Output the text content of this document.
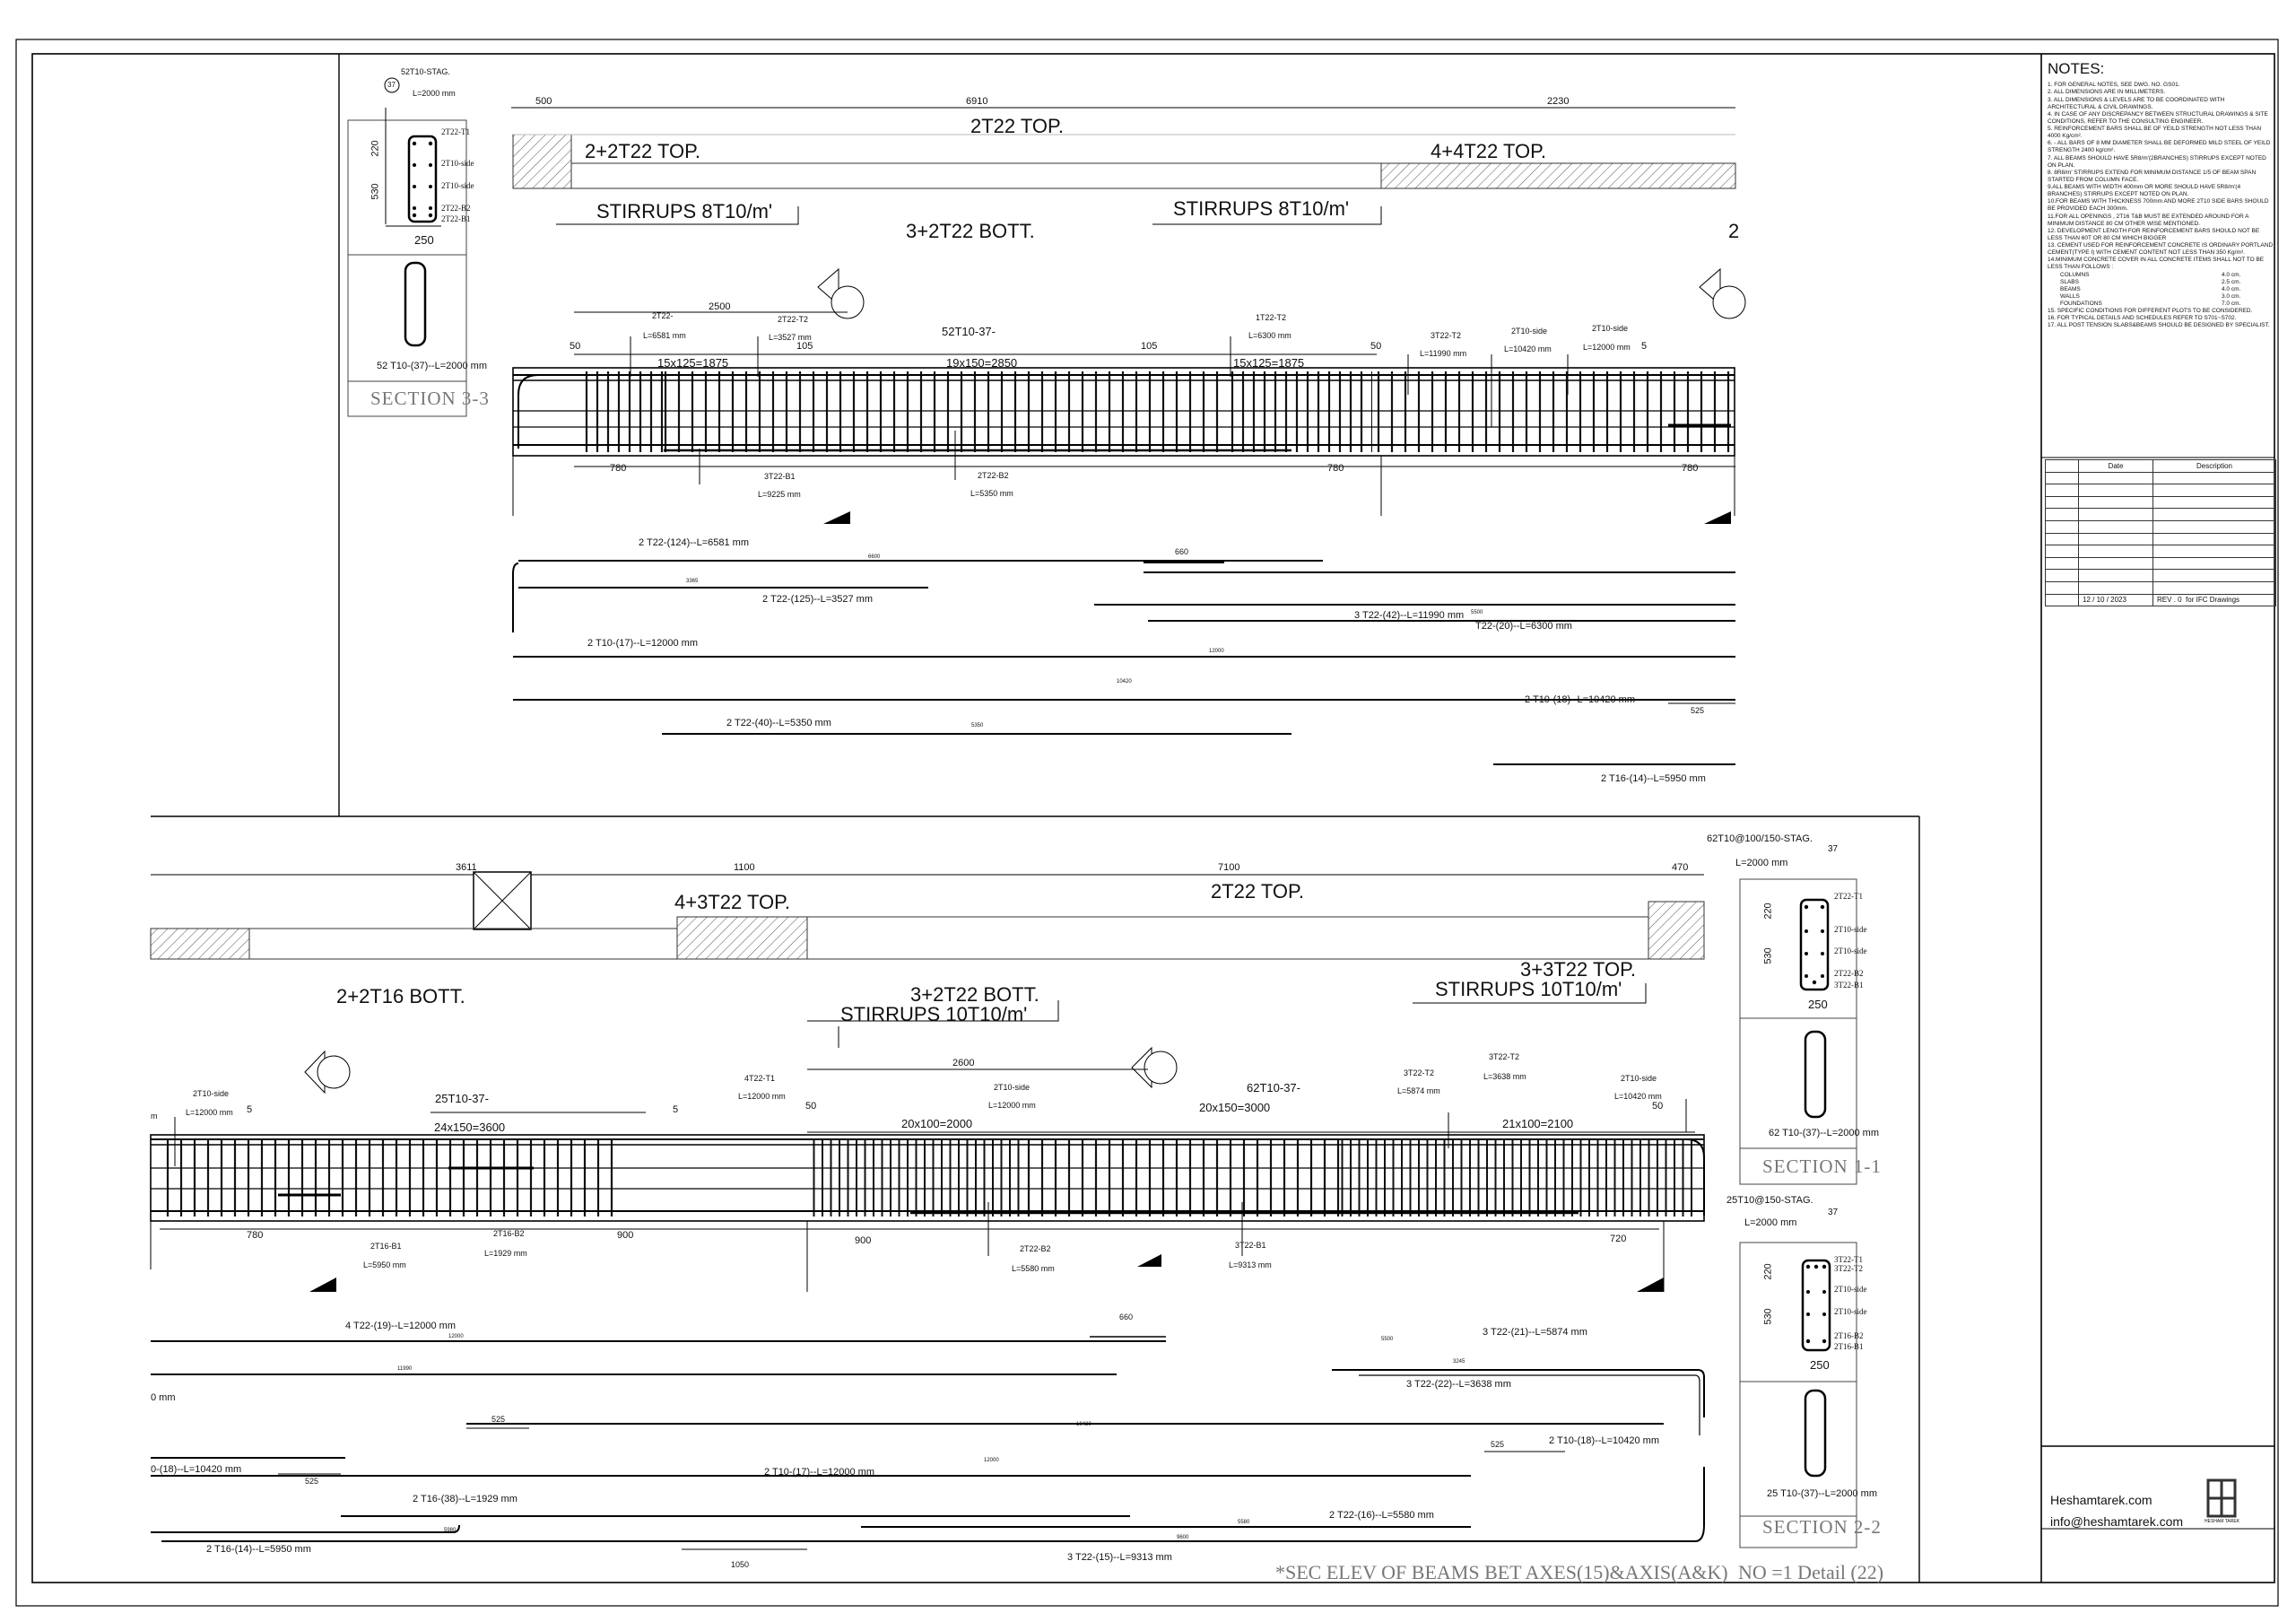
NOTES:

1. FOR GENERAL NOTES, SEE DWG. NO. GS01.

2. ALL DIMENSIONS ARE IN MILLIMETERS.

3. ALL DIMENSIONS & LEVELS ARE TO BE COORDINATED WITH ARCHITECTURAL & CIVIL DRAWINGS.

4. IN CASE OF ANY DISCREPANCY BETWEEN STRUCTURAL DRAWINGS & SITE CONDITIONS, REFER TO THE CONSULTING ENGINEER.

5. REINFORCEMENT BARS SHALL BE OF YEILD STRENGTH NOT LESS THAN 4000 Kg/cm².

6. - ALL BARS OF 8 MM DIAMETER SHALL BE DEFORMED MILD STEEL OF YEILD STRENGTH 2400 kg/cm².

7. ALL BEAMS SHOULD HAVE 5R8/m'(2BRANCHES) STIRRUPS EXCEPT NOTED ON PLAN.

8. 8R8/m' STIRRUPS EXTEND FOR MINIMUM DISTANCE 1/5 OF BEAM SPAN STARTED FROM COLUMN FACE.

9.ALL BEAMS WITH WIDTH 400mm OR MORE SHOULD HAVE 5R8/m'(4 BRANCHES) STIRRUPS EXCEPT NOTED ON PLAN.

10.FOR BEAMS WITH THICKNESS 700mm AND MORE 2T10 SIDE BARS SHOULD BE PROVIDED EACH 300mm.

11.FOR ALL OPENINGS , 2T16 T&B MUST BE EXTENDED AROUND FOR A MINIMUM DISTANCE 80 CM OTHER WISE MENTIONED.

12. DEVELOPMENT LENGTH FOR REINFORCEMENT BARS SHOULD NOT BE LESS THAN 60T OR 80 CM WHICH BIGGER

13. CEMENT USED FOR REINFORCEMENT CONCRETE IS ORDINARY PORTLAND CEMENT(TYPE I) WITH CEMENT CONTENT NOT LESS THAN 350 Kg/m³.

14.MINIMUM CONCRETE COVER IN ALL CONCRETE ITEMS SHALL NOT TO BE LESS THAN FOLLOWS :

COLUMNS	4.0 cm.

SLABS	2.5 cm.

BEAMS	4.0 cm.

WALLS	3.0 cm.

FOUNDATIONS	7.0 cm.

15. SPECIFIC CONDITIONS FOR DIFFERENT PLOTS TO BE CONSIDERED.

16. FOR TYPICAL DETAILS AND SCHEDULES REFER TO S701~S702.

17. ALL POST TENSION SLABS&BEAMS SHOULD BE DESIGNED BY SPECIALIST.

	Date	Description

	12 / 10 / 2023	REV . 0 for IFC Drawings
Heshamtarek.com
info@heshamtarek.com	HESHAM TAREK
500	6910	2230
2+2T22 TOP.
2T22 TOP.
4+4T22 TOP.
STIRRUPS 8T10/m'	STIRRUPS 8T10/m'
3+2T22 BOTT.	2
2500
50	105	105	50	5
15x125=1875	19x150=2850	15x125=1875
52T10-37-
780	780	780
2T22-
L=6581 mm
2T22-T2
L=3527 mm
1T22-T2
L=6300 mm	3T22-T2
L=11990 mm
2T10-side
L=10420 mm
2T10-side
L=12000 mm
3T22-B1
L=9225 mm
2T22-B2
L=5350 mm
2 T22-(124)--L=6581 mm
660
2 T22-(125)--L=3527 mm
3 T22-(42)--L=11990 mm
T22-(20)--L=6300 mm
2 T10-(17)--L=12000 mm
2 T10-(18)--L=10420 mm
525
2 T22-(40)--L=5350 mm
2 T16-(14)--L=5950 mm
6600
3365
5500
12000
10420
5350
52T10-STAG.
37
L=2000 mm
220
530
250
2T22-T1
2T10-side
2T10-side
2T22-B2
2T22-B1
52 T10-(37)--L=2000 mm
SECTION 3-3
3611	1100	7100	470
4+3T22 TOP.	2T22 TOP.
3+3T22 TOP.
2+2T16 BOTT.	3+2T22 BOTT.
STIRRUPS 10T10/m'
STIRRUPS 10T10/m'
25T10-37-
24x150=3600
5	5
2600
50
20x100=2000
62T10-37-
20x150=3000
21x100=2100
50
780	900	900	720
m
2T10-side
L=12000 mm
4T22-T1
L=12000 mm
2T10-side
L=12000 mm
3T22-T2
L=5874 mm
3T22-T2
L=3638 mm	2T10-side
L=10420 mm
2T16-B1
L=5950 mm
2T16-B2
L=1929 mm	2T22-B2
L=5580 mm
3T22-B1
L=9313 mm
4 T22-(19)--L=12000 mm
660
3 T22-(21)--L=5874 mm
0 mm
3 T22-(22)--L=3638 mm
525
525	2 T10-(18)--L=10420 mm
0-(18)--L=10420 mm
525
2 T10-(17)--L=12000 mm
2 T16-(38)--L=1929 mm
2 T22-(16)--L=5580 mm
2 T16-(14)--L=5950 mm
1050
3 T22-(15)--L=9313 mm
12000
11990
5500
3245
10420
12000
5980
9600
5580
*SEC ELEV OF BEAMS BET AXES(15)&AXIS(A&K) NO =1 Detail (22)
62T10@100/150-STAG.
37
L=2000 mm
220
530
250
2T22-T1
2T10-side
2T10-side
2T22-B2
3T22-B1
62 T10-(37)--L=2000 mm
SECTION 1-1
25T10@150-STAG.
37
L=2000 mm
220
530
250
3T22-T1
3T22-T2
2T10-side
2T10-side
2T16-B2
2T16-B1
25 T10-(37)--L=2000 mm
SECTION 2-2
